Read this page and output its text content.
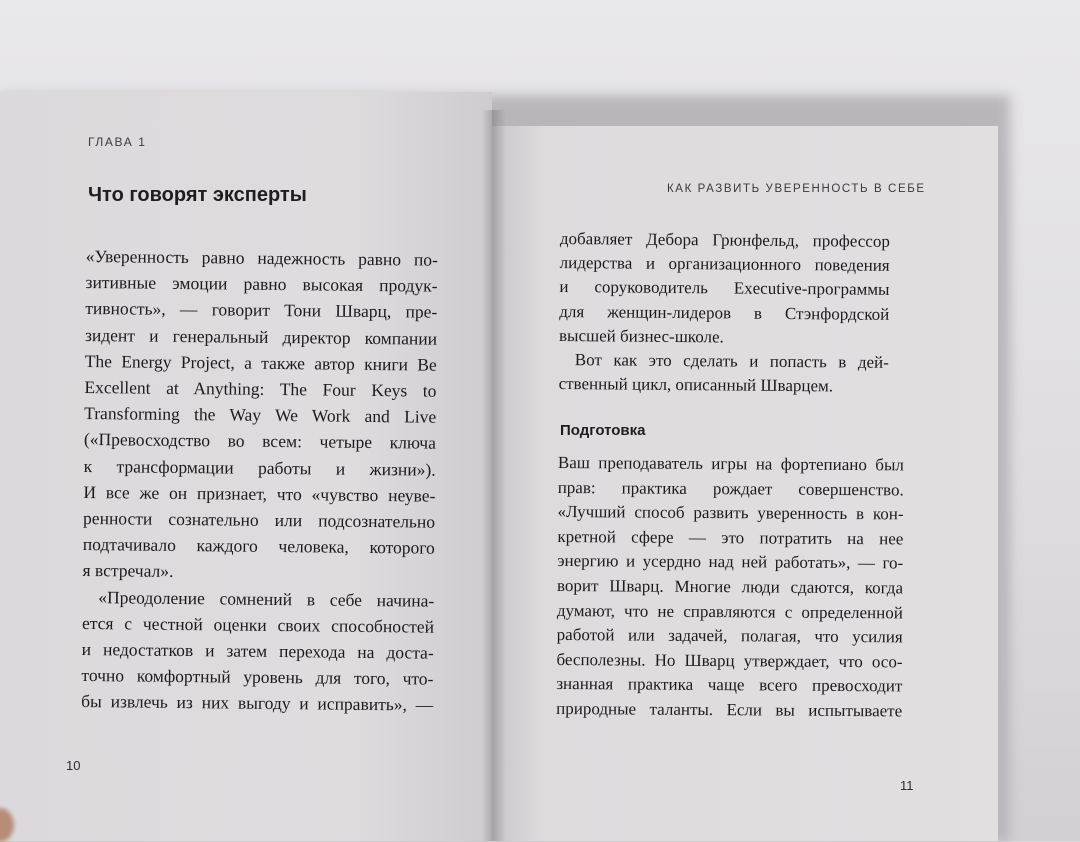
ГЛАВА 1
Что говорят эксперты
«Уверенность равно надежность равно по-
зитивные эмоции равно высокая продук-
тивность», — говорит Тони Шварц, пре-
зидент и генеральный директор компании
The Energy Project, а также автор книги Be
Excellent at Anything: The Four Keys to
Transforming the Way We Work and Live
(«Превосходство во всем: четыре ключа
к трансформации работы и жизни»).
И все же он признает, что «чувство неуве-
ренности сознательно или подсознательно
подтачивало каждого человека, которого
я встречал».
«Преодоление сомнений в себе начина-
ется с честной оценки своих способностей
и недостатков и затем перехода на доста-
точно комфортный уровень для того, что-
бы извлечь из них выгоду и исправить», —
10
КАК РАЗВИТЬ УВЕРЕННОСТЬ В СЕБЕ
добавляет Дебора Грюнфельд, профессор
лидерства и организационного поведения
и соруководитель Executive-программы
для женщин-лидеров в Стэнфордской
высшей бизнес-школе.
Вот как это сделать и попасть в дей-
ственный цикл, описанный Шварцем.
Подготовка
Ваш преподаватель игры на фортепиано был
прав: практика рождает совершенство.
«Лучший способ развить уверенность в кон-
кретной сфере — это потратить на нее
энергию и усердно над ней работать», — го-
ворит Шварц. Многие люди сдаются, когда
думают, что не справляются с определенной
работой или задачей, полагая, что усилия
бесполезны. Но Шварц утверждает, что осо-
знанная практика чаще всего превосходит
природные таланты. Если вы испытываете
11
